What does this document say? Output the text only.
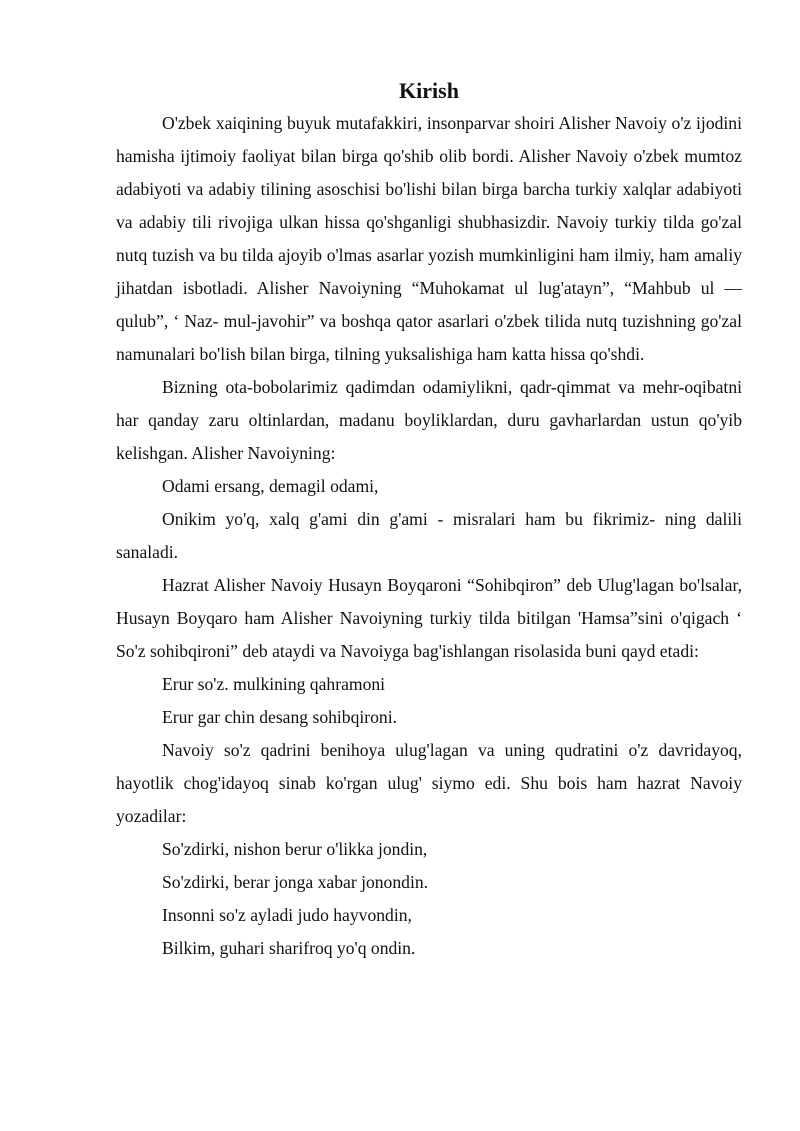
Kirish

O'zbek xaiqining buyuk mutafakkiri, insonparvar shoiri Alisher Navoiy o'z ijodini hamisha ijtimoiy faoliyat bilan birga qo'shib olib bordi. Alisher Navoiy o'zbek mumtoz adabiyoti va adabiy tilining asoschisi bo'lishi bilan birga barcha turkiy xalqlar adabiyoti va adabiy tili rivojiga ulkan hissa qo'shganligi shubhasizdir. Navoiy turkiy tilda go'zal nutq tuzish va bu tilda ajoyib o'lmas asarlar yozish mumkinligini ham ilmiy, ham amaliy jihatdan isbotladi. Alisher Navoiyning “Muhokamat ul lug'atayn”, “Mahbub ul — qulub”, ‘ Naz- mul-javohir” va boshqa qator asarlari o'zbek tilida nutq tuzishning go'zal namunalari bo'lish bilan birga, tilning yuksalishiga ham katta hissa qo'shdi.

Bizning ota-bobolarimiz qadimdan odamiylikni, qadr-qimmat va mehr-oqibatni har qanday zaru oltinlardan, madanu boyliklardan, duru gavharlardan ustun qo'yib kelishgan. Alisher Navoiyning:

Odami ersang, demagil odami,

Onikim yo'q, xalq g'ami din g'ami - misralari ham bu fikrimiz- ning dalili sanaladi.

Hazrat Alisher Navoiy Husayn Boyqaroni “Sohibqiron” deb Ulug'lagan bo'lsalar, Husayn Boyqaro ham Alisher Navoiyning turkiy tilda bitilgan 'Hamsa”sini o'qigach ‘ So'z sohibqironi” deb ataydi va Navoiyga bag'ishlangan risolasida buni qayd etadi:

Erur so'z. mulkining qahramoni

Erur gar chin desang sohibqironi.

Navoiy so'z qadrini benihoya ulug'lagan va uning qudratini o'z davridayoq, hayotlik chog'idayoq sinab ko'rgan ulug' siymo edi. Shu bois ham hazrat Navoiy yozadilar:

So'zdirki, nishon berur o'likka jondin,

So'zdirki, berar jonga xabar jonondin.

Insonni so'z ayladi judo hayvondin,

Bilkim, guhari sharifroq yo'q ondin.
